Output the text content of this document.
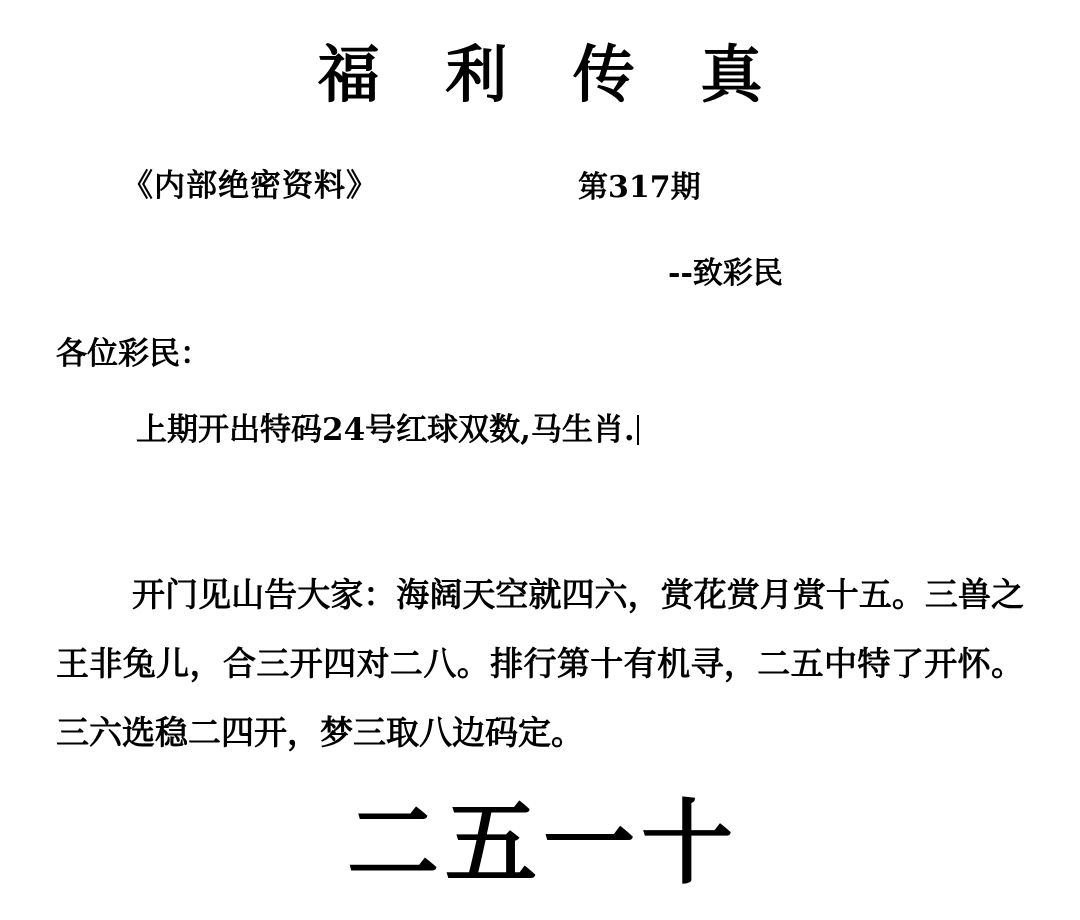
福 利 传 真
《内部绝密资料》	第317期
--致彩民
各位彩民：
上期开出特码24号红球双数,马生肖.
开门见山告大家：海阔天空就四六，赏花赏月赏十五。三兽之王非兔儿，合三开四对二八。排行第十有机寻，二五中特了开怀。三六选稳二四开，梦三取八边码定。
二五一十
